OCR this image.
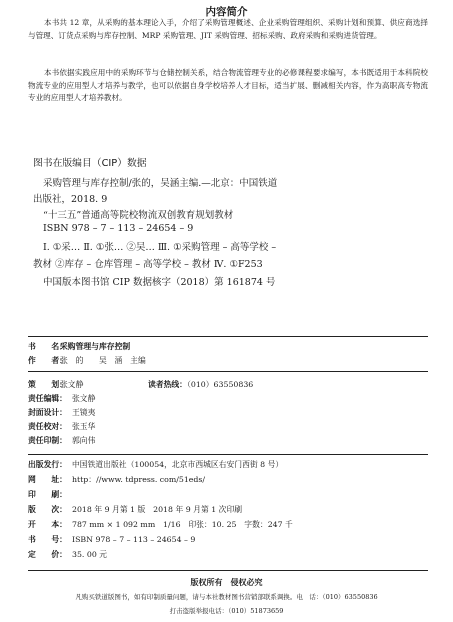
内容简介
本书共 12 章，从采购的基本理论入手，介绍了采购管理概述、企业采购管理组织、采购计划和预算、供应商选择与管理、订货点采购与库存控制、MRP 采购管理、JIT 采购管理、招标采购、政府采购和采购进货管理。
本书依据实践应用中的采购环节与仓储控制关系，结合物流管理专业的必修课程要求编写，本书既适用于本科院校物流专业的应用型人才培养与教学，也可以依据自身学校培养人才目标，适当扩展、删减相关内容，作为高职高专物流专业的应用型人才培养教材。
图书在版编目（CIP）数据
采购管理与库存控制/张的，吴涵主编.—北京：中国铁道
出版社，2018. 9
“十三五”普通高等院校物流双创教育规划教材
ISBN 978 – 7 – 113 – 24654 – 9
Ⅰ. ①采… Ⅱ. ①张… ②吴… Ⅲ. ①采购管理 – 高等学校 –
教材 ②库存 – 仓库管理 – 高等学校 – 教材 Ⅳ. ①F253
中国版本图书馆 CIP 数据核字（2018）第 161874 号
书　　名：采购管理与库存控制
作　　者：张　的　　吴　涵　主编
策　　划：张文静	读者热线：（010）63550836
责任编辑： 张文静
封面设计： 王镜夷
责任校对： 张玉华
责任印制： 郭向伟
出版发行： 中国铁道出版社（100054，北京市西城区右安门西街 8 号）
网　　址： http：//www. tdpress. com/51eds/
印　　刷：
版　　次： 2018 年 9 月第 1 版　2018 年 9 月第 1 次印刷
开　　本： 787 mm × 1 092 mm　1/16　印张：10. 25　字数：247 千
书　　号： ISBN 978 – 7 – 113 – 24654 – 9
定　　价： 35. 00 元
版权所有　侵权必究
凡购买铁道版图书，如有印制质量问题，请与本社教材图书营销部联系调换。电　话：（010）63550836
打击盗版举报电话：（010）51873659
